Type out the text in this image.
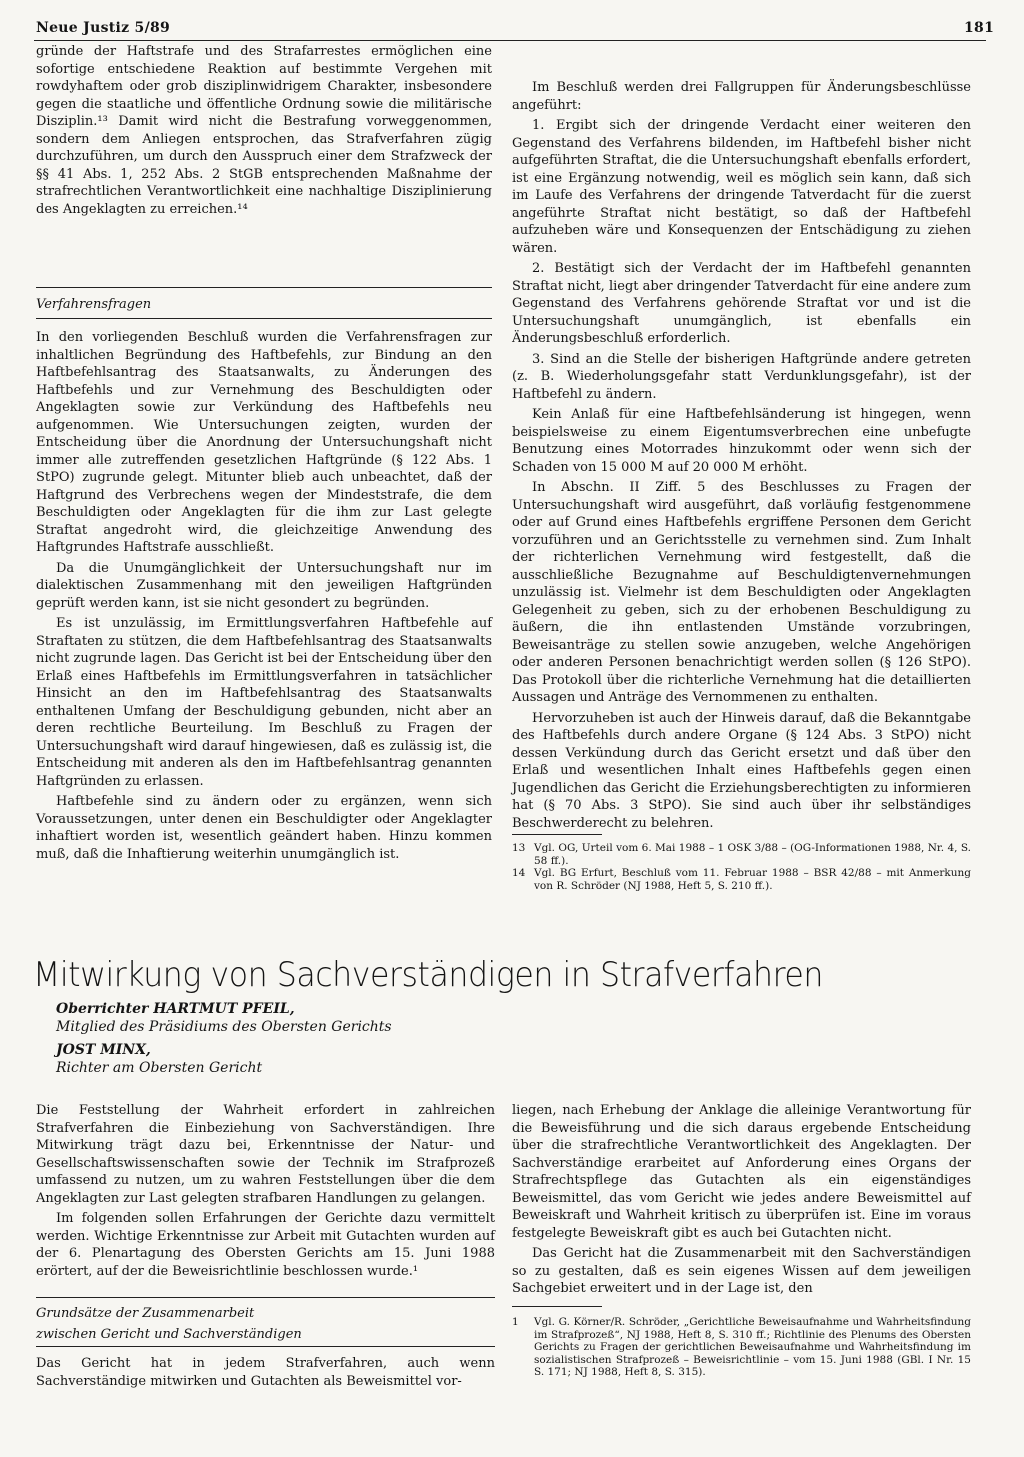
Neue Justiz 5/89	181

gründe der Haftstrafe und des Strafarrestes ermöglichen eine sofortige entschiedene Reaktion auf bestimmte Vergehen mit rowdyhaftem oder grob disziplinwidrigem Charakter, insbesondere gegen die staatliche und öffentliche Ordnung sowie die militärische Disziplin.¹³ Damit wird nicht die Bestrafung vorweggenommen, sondern dem Anliegen entsprochen, das Strafverfahren zügig durchzuführen, um durch den Ausspruch einer dem Strafzweck der §§ 41 Abs. 1, 252 Abs. 2 StGB entsprechenden Maßnahme der strafrechtlichen Verantwortlichkeit eine nachhaltige Disziplinierung des Angeklagten zu erreichen.¹⁴

Verfahrensfragen

In den vorliegenden Beschluß wurden die Verfahrensfragen zur inhaltlichen Begründung des Haftbefehls, zur Bindung an den Haftbefehlsantrag des Staatsanwalts, zu Änderungen des Haftbefehls und zur Vernehmung des Beschuldigten oder Angeklagten sowie zur Verkündung des Haftbefehls neu aufgenommen. Wie Untersuchungen zeigten, wurden der Entscheidung über die Anordnung der Untersuchungshaft nicht immer alle zutreffenden gesetzlichen Haftgründe (§ 122 Abs. 1 StPO) zugrunde gelegt. Mitunter blieb auch unbeachtet, daß der Haftgrund des Verbrechens wegen der Mindeststrafe, die dem Beschuldigten oder Angeklagten für die ihm zur Last gelegte Straftat angedroht wird, die gleichzeitige Anwendung des Haftgrundes Haftstrafe ausschließt.

Da die Unumgänglichkeit der Untersuchungshaft nur im dialektischen Zusammenhang mit den jeweiligen Haftgründen geprüft werden kann, ist sie nicht gesondert zu begründen.

Es ist unzulässig, im Ermittlungsverfahren Haftbefehle auf Straftaten zu stützen, die dem Haftbefehlsantrag des Staatsanwalts nicht zugrunde lagen. Das Gericht ist bei der Entscheidung über den Erlaß eines Haftbefehls im Ermittlungsverfahren in tatsächlicher Hinsicht an den im Haftbefehlsantrag des Staatsanwalts enthaltenen Umfang der Beschuldigung gebunden, nicht aber an deren rechtliche Beurteilung. Im Beschluß zu Fragen der Untersuchungshaft wird darauf hingewiesen, daß es zulässig ist, die Entscheidung mit anderen als den im Haftbefehlsantrag genannten Haftgründen zu erlassen.

Haftbefehle sind zu ändern oder zu ergänzen, wenn sich Voraussetzungen, unter denen ein Beschuldigter oder Angeklagter inhaftiert worden ist, wesentlich geändert haben. Hinzu kommen muß, daß die Inhaftierung weiterhin unumgänglich ist.

Im Beschluß werden drei Fallgruppen für Änderungsbeschlüsse angeführt:

1. Ergibt sich der dringende Verdacht einer weiteren den Gegenstand des Verfahrens bildenden, im Haftbefehl bisher nicht aufgeführten Straftat, die die Untersuchungshaft ebenfalls erfordert, ist eine Ergänzung notwendig, weil es möglich sein kann, daß sich im Laufe des Verfahrens der dringende Tatverdacht für die zuerst angeführte Straftat nicht bestätigt, so daß der Haftbefehl aufzuheben wäre und Konsequenzen der Entschädigung zu ziehen wären.

2. Bestätigt sich der Verdacht der im Haftbefehl genannten Straftat nicht, liegt aber dringender Tatverdacht für eine andere zum Gegenstand des Verfahrens gehörende Straftat vor und ist die Untersuchungshaft unumgänglich, ist ebenfalls ein Änderungsbeschluß erforderlich.

3. Sind an die Stelle der bisherigen Haftgründe andere getreten (z. B. Wiederholungsgefahr statt Verdunklungsgefahr), ist der Haftbefehl zu ändern.

Kein Anlaß für eine Haftbefehlsänderung ist hingegen, wenn beispielsweise zu einem Eigentumsverbrechen eine unbefugte Benutzung eines Motorrades hinzukommt oder wenn sich der Schaden von 15 000 M auf 20 000 M erhöht.

In Abschn. II Ziff. 5 des Beschlusses zu Fragen der Untersuchungshaft wird ausgeführt, daß vorläufig festgenommene oder auf Grund eines Haftbefehls ergriffene Personen dem Gericht vorzuführen und an Gerichtsstelle zu vernehmen sind. Zum Inhalt der richterlichen Vernehmung wird festgestellt, daß die ausschließliche Bezugnahme auf Beschuldigtenvernehmungen unzulässig ist. Vielmehr ist dem Beschuldigten oder Angeklagten Gelegenheit zu geben, sich zu der erhobenen Beschuldigung zu äußern, die ihn entlastenden Umstände vorzubringen, Beweisanträge zu stellen sowie anzugeben, welche Angehörigen oder anderen Personen benachrichtigt werden sollen (§ 126 StPO). Das Protokoll über die richterliche Vernehmung hat die detaillierten Aussagen und Anträge des Vernommenen zu enthalten.

Hervorzuheben ist auch der Hinweis darauf, daß die Bekanntgabe des Haftbefehls durch andere Organe (§ 124 Abs. 3 StPO) nicht dessen Verkündung durch das Gericht ersetzt und daß über den Erlaß und wesentlichen Inhalt eines Haftbefehls gegen einen Jugendlichen das Gericht die Erziehungsberechtigten zu informieren hat (§ 70 Abs. 3 StPO). Sie sind auch über ihr selbständiges Beschwerderecht zu belehren.

13 Vgl. OG, Urteil vom 6. Mai 1988 – 1 OSK 3/88 – (OG-Informationen 1988, Nr. 4, S. 58 ff.).
14 Vgl. BG Erfurt, Beschluß vom 11. Februar 1988 – BSR 42/88 – mit Anmerkung von R. Schröder (NJ 1988, Heft 5, S. 210 ff.).
Mitwirkung von Sachverständigen in Strafverfahren
Oberrichter HARTMUT PFEIL,
Mitglied des Präsidiums des Obersten Gerichts
JOST MINX,
Richter am Obersten Gericht

Die Feststellung der Wahrheit erfordert in zahlreichen Strafverfahren die Einbeziehung von Sachverständigen. Ihre Mitwirkung trägt dazu bei, Erkenntnisse der Natur- und Gesellschaftswissenschaften sowie der Technik im Strafprozeß umfassend zu nutzen, um zu wahren Feststellungen über die dem Angeklagten zur Last gelegten strafbaren Handlungen zu gelangen.

Im folgenden sollen Erfahrungen der Gerichte dazu vermittelt werden. Wichtige Erkenntnisse zur Arbeit mit Gutachten wurden auf der 6. Plenartagung des Obersten Gerichts am 15. Juni 1988 erörtert, auf der die Beweisrichtlinie beschlossen wurde.¹

Grundsätze der Zusammenarbeit

zwischen Gericht und Sachverständigen

Das Gericht hat in jedem Strafverfahren, auch wenn Sachverständige mitwirken und Gutachten als Beweismittel vor-

liegen, nach Erhebung der Anklage die alleinige Verantwortung für die Beweisführung und die sich daraus ergebende Entscheidung über die strafrechtliche Verantwortlichkeit des Angeklagten. Der Sachverständige erarbeitet auf Anforderung eines Organs der Strafrechtspflege das Gutachten als ein eigenständiges Beweismittel, das vom Gericht wie jedes andere Beweismittel auf Beweiskraft und Wahrheit kritisch zu überprüfen ist. Eine im voraus festgelegte Beweiskraft gibt es auch bei Gutachten nicht.

Das Gericht hat die Zusammenarbeit mit den Sachverständigen so zu gestalten, daß es sein eigenes Wissen auf dem jeweiligen Sachgebiet erweitert und in der Lage ist, den

1	Vgl. G. Körner/R. Schröder, „Gerichtliche Beweisaufnahme und Wahrheitsfindung im Strafprozeß“, NJ 1988, Heft 8, S. 310 ff.; Richtlinie des Plenums des Obersten Gerichts zu Fragen der gerichtlichen Beweisaufnahme und Wahrheitsfindung im sozialistischen Strafprozeß – Beweisrichtlinie – vom 15. Juni 1988 (GBl. I Nr. 15 S. 171; NJ 1988, Heft 8, S. 315).
